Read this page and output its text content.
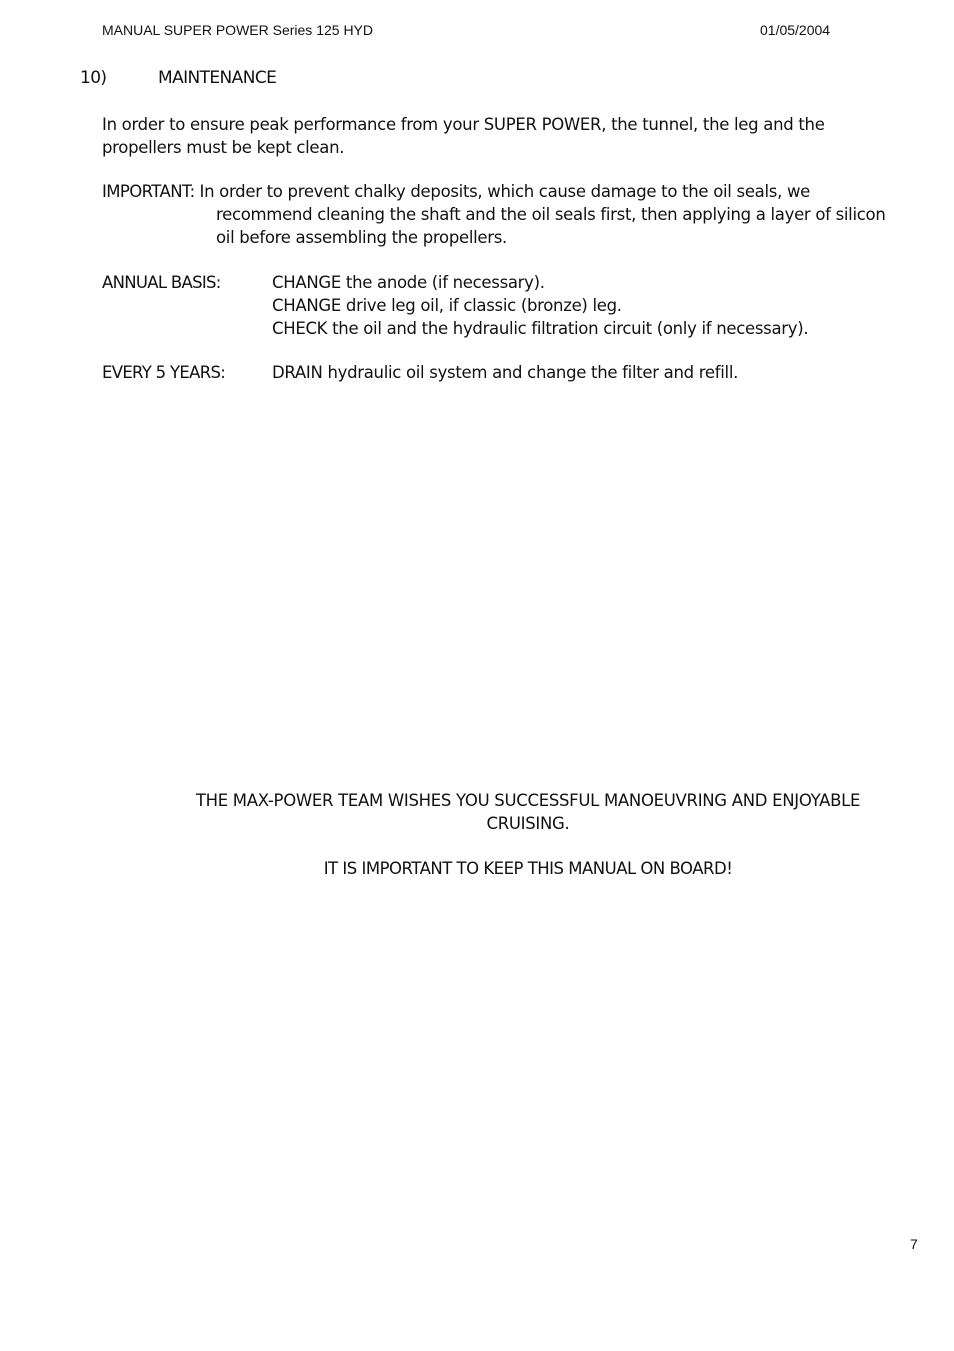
MANUAL SUPER POWER Series 125 HYD	01/05/2004
10)	MAINTENANCE
In order to ensure peak performance from your SUPER POWER, the tunnel, the leg and the
propellers must be kept clean.
IMPORTANT: In order to prevent chalky deposits, which cause damage to the oil seals, we
recommend cleaning the shaft and the oil seals first, then applying a layer of silicon
oil before assembling the propellers.
ANNUAL BASIS:	CHANGE the anode (if necessary).
CHANGE drive leg oil, if classic (bronze) leg.
CHECK the oil and the hydraulic filtration circuit (only if necessary).
EVERY 5 YEARS:	DRAIN hydraulic oil system and change the filter and refill.
THE MAX-POWER TEAM WISHES YOU SUCCESSFUL MANOEUVRING AND ENJOYABLE
CRUISING.
IT IS IMPORTANT TO KEEP THIS MANUAL ON BOARD!
7
